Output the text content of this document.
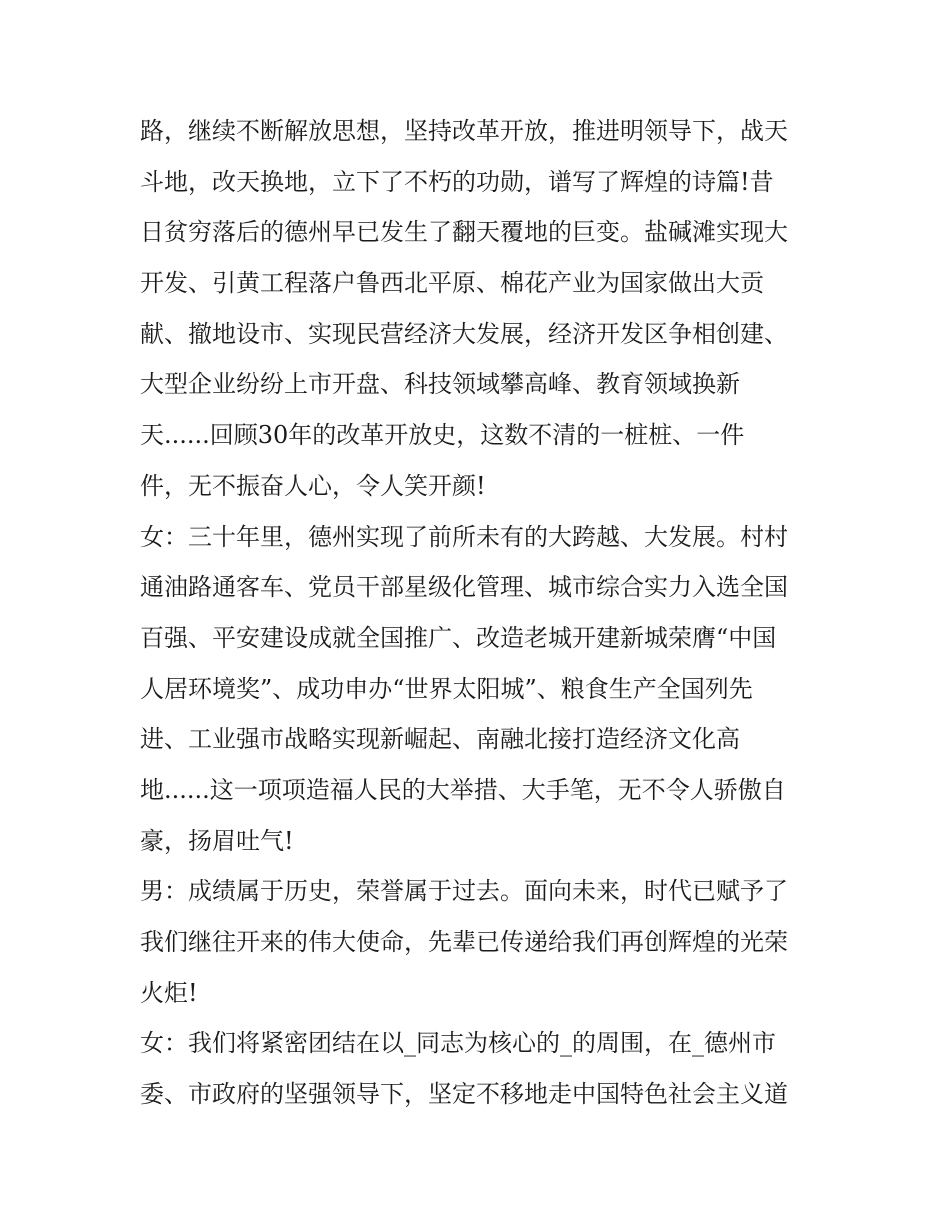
路，继续不断解放思想，坚持改革开放，推进明领导下，战天
斗地，改天换地，立下了不朽的功勋，谱写了辉煌的诗篇!昔
日贫穷落后的德州早已发生了翻天覆地的巨变。盐碱滩实现大
开发、引黄工程落户鲁西北平原、棉花产业为国家做出大贡
献、撤地设市、实现民营经济大发展，经济开发区争相创建、
大型企业纷纷上市开盘、科技领域攀高峰、教育领域换新
天......回顾30年的改革开放史，这数不清的一桩桩、一件
件，无不振奋人心，令人笑开颜!
女：三十年里，德州实现了前所未有的大跨越、大发展。村村
通油路通客车、党员干部星级化管理、城市综合实力入选全国
百强、平安建设成就全国推广、改造老城开建新城荣膺“中国
人居环境奖”、成功申办“世界太阳城”、粮食生产全国列先
进、工业强市战略实现新崛起、南融北接打造经济文化高
地......这一项项造福人民的大举措、大手笔，无不令人骄傲自
豪，扬眉吐气!
男：成绩属于历史，荣誉属于过去。面向未来，时代已赋予了
我们继往开来的伟大使命，先辈已传递给我们再创辉煌的光荣
火炬!
女：我们将紧密团结在以_同志为核心的_的周围，在_德州市
委、市政府的坚强领导下，坚定不移地走中国特色社会主义道
